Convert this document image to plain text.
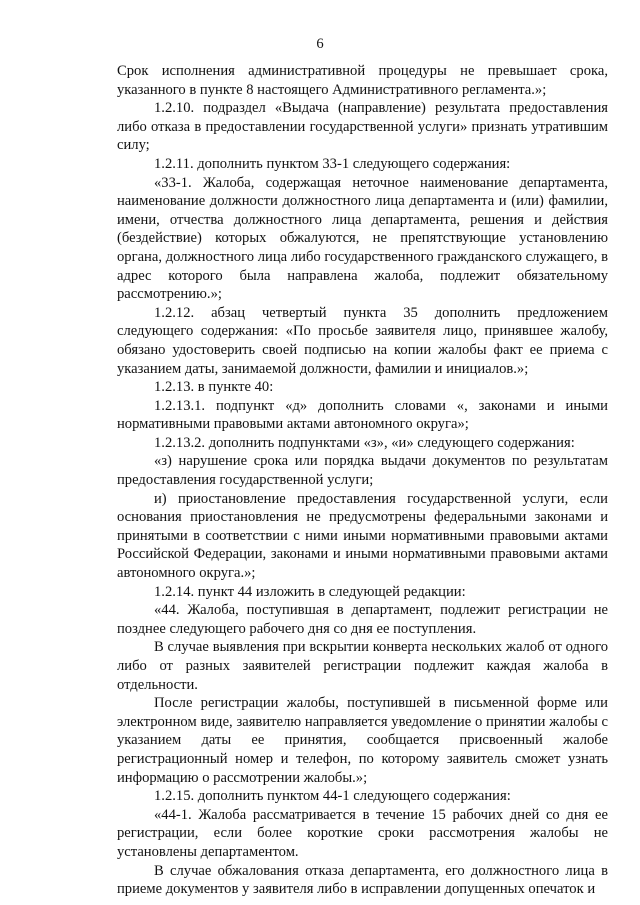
6

Срок исполнения административной процедуры не превышает срока, указанного в пункте 8 настоящего Административного регламента.»;

1.2.10. подраздел «Выдача (направление) результата предоставления либо отказа в предоставлении государственной услуги» признать утратившим силу;

1.2.11. дополнить пунктом 33-1 следующего содержания:

«33-1. Жалоба, содержащая неточное наименование департамента, наименование должности должностного лица департамента и (или) фамилии, имени, отчества должностного лица департамента, решения и действия (бездействие) которых обжалуются, не препятствующие установлению органа, должностного лица либо государственного гражданского служащего, в адрес которого была направлена жалоба, подлежит обязательному рассмотрению.»;

1.2.12. абзац четвертый пункта 35 дополнить предложением следующего содержания: «По просьбе заявителя лицо, принявшее жалобу, обязано удостоверить своей подписью на копии жалобы факт ее приема с указанием даты, занимаемой должности, фамилии и инициалов.»;

1.2.13. в пункте 40:

1.2.13.1. подпункт «д» дополнить словами «, законами и иными нормативными правовыми актами автономного округа»;

1.2.13.2. дополнить подпунктами «з», «и» следующего содержания:

«з) нарушение срока или порядка выдачи документов по результатам предоставления государственной услуги;

и) приостановление предоставления государственной услуги, если основания приостановления не предусмотрены федеральными законами и принятыми в соответствии с ними иными нормативными правовыми актами Российской Федерации, законами и иными нормативными правовыми актами автономного округа.»;

1.2.14. пункт 44 изложить в следующей редакции:

«44. Жалоба, поступившая в департамент, подлежит регистрации не позднее следующего рабочего дня со дня ее поступления.

В случае выявления при вскрытии конверта нескольких жалоб от одного либо от разных заявителей регистрации подлежит каждая жалоба в отдельности.

После регистрации жалобы, поступившей в письменной форме или электронном виде, заявителю направляется уведомление о принятии жалобы с указанием даты ее принятия, сообщается присвоенный жалобе регистрационный номер и телефон, по которому заявитель сможет узнать информацию о рассмотрении жалобы.»;

1.2.15. дополнить пунктом 44-1 следующего содержания:

«44-1. Жалоба рассматривается в течение 15 рабочих дней со дня ее регистрации, если более короткие сроки рассмотрения жалобы не установлены департаментом.

В случае обжалования отказа департамента, его должностного лица в приеме документов у заявителя либо в исправлении допущенных опечаток и
